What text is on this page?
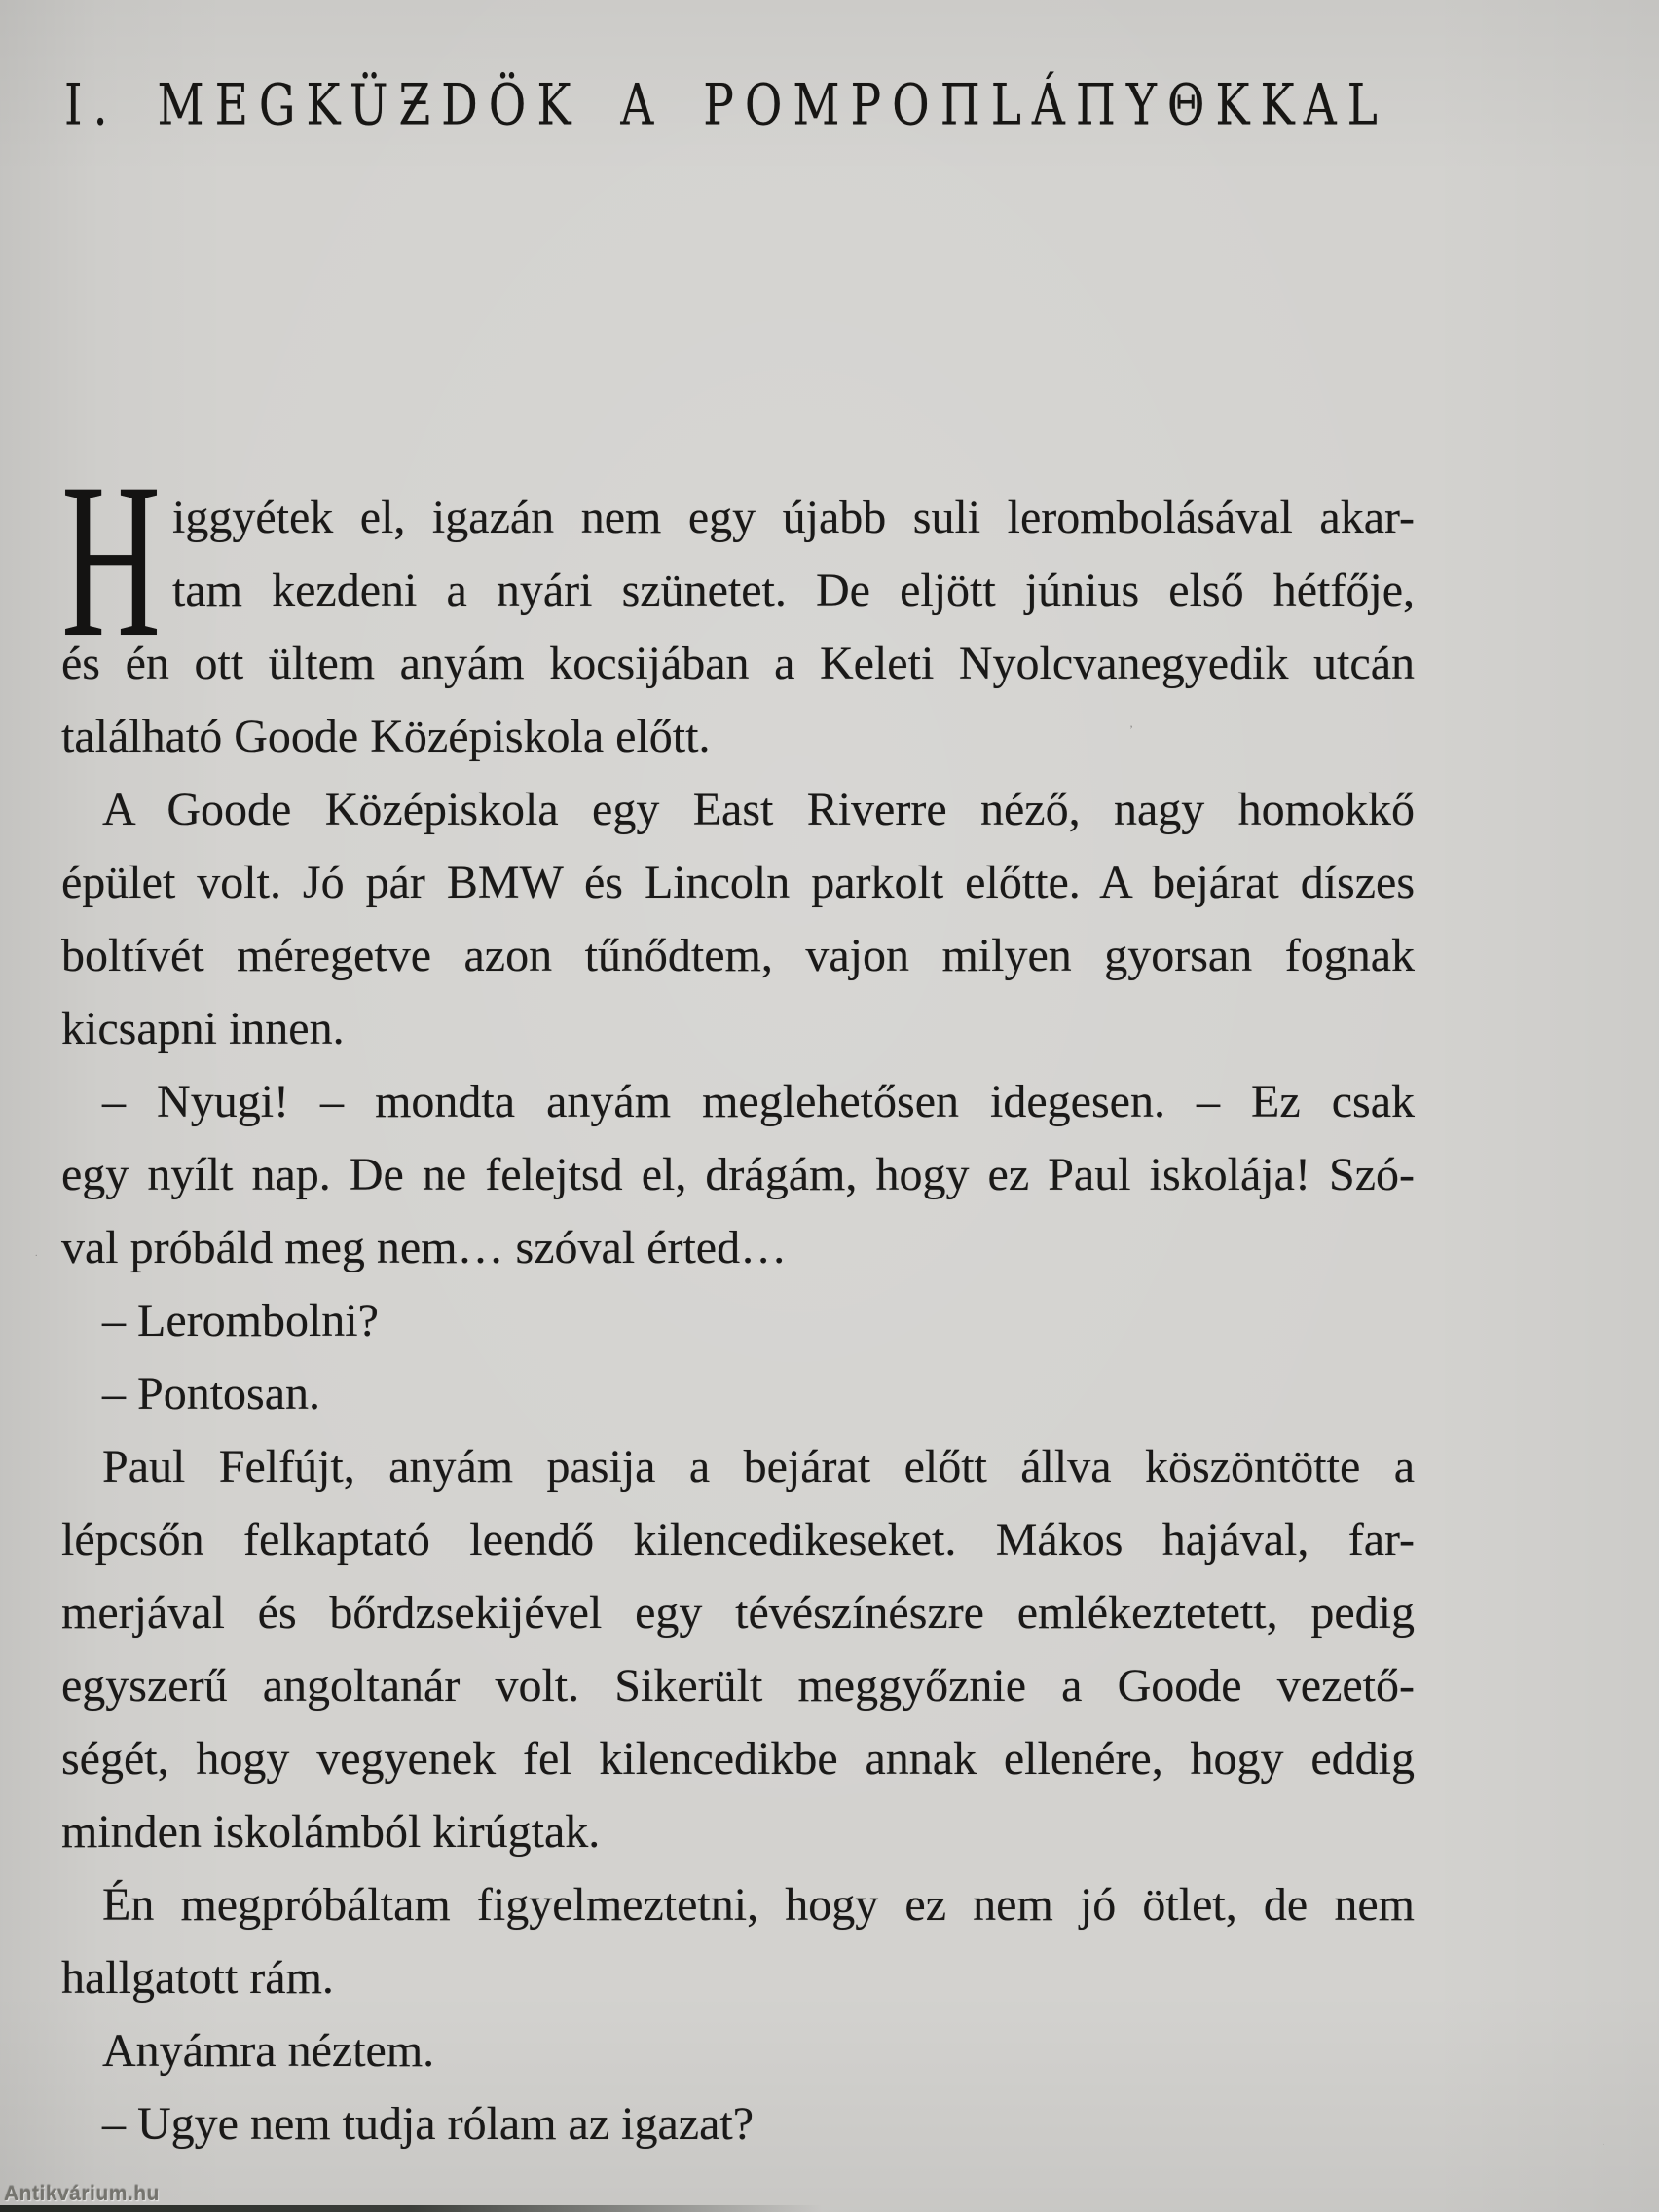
I. MEGKÜƵDÖK A POMPOΠLÁΠYΘKKAL
H iggyétek el, igazán nem egy újabb suli lerombolásával akar-
tam kezdeni a nyári szünetet. De eljött június első hétfője,
és én ott ültem anyám kocsijában a Keleti Nyolcvanegyedik utcán
található Goode Középiskola előtt.
A Goode Középiskola egy East Riverre néző, nagy homokkő
épület volt. Jó pár BMW és Lincoln parkolt előtte. A bejárat díszes
boltívét méregetve azon tűnődtem, vajon milyen gyorsan fognak
kicsapni innen.
– Nyugi! – mondta anyám meglehetősen idegesen. – Ez csak
egy nyílt nap. De ne felejtsd el, drágám, hogy ez Paul iskolája! Szó-
val próbáld meg nem… szóval érted…
– Lerombolni?
– Pontosan.
Paul Felfújt, anyám pasija a bejárat előtt állva köszöntötte a
lépcsőn felkaptató leendő kilencedikeseket. Mákos hajával, far-
merjával és bőrdzsekijével egy tévészínészre emlékeztetett, pedig
egyszerű angoltanár volt. Sikerült meggyőznie a Goode vezető-
ségét, hogy vegyenek fel kilencedikbe annak ellenére, hogy eddig
minden iskolámból kirúgtak.
Én megpróbáltam figyelmeztetni, hogy ez nem jó ötlet, de nem
hallgatott rám.
Anyámra néztem.
– Ugye nem tudja rólam az igazat?
’
.
.
Antikvárium.hu
